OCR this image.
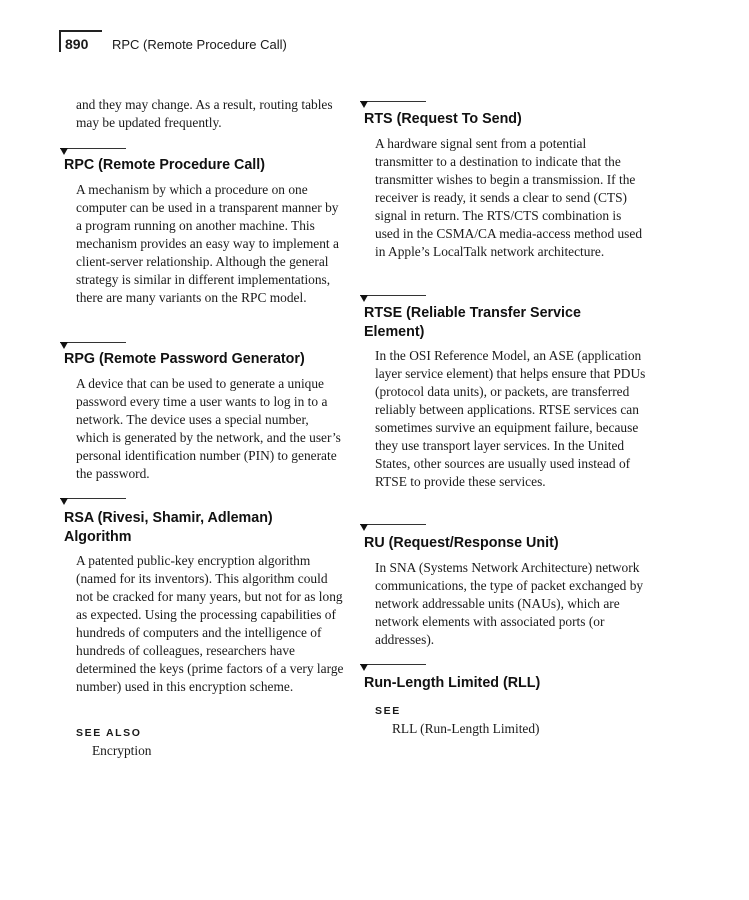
890 RPC (Remote Procedure Call)

and they may change. As a result, routing tables may be updated frequently.

RPC (Remote Procedure Call)

A mechanism by which a procedure on one computer can be used in a transparent manner by a program running on another machine. This mechanism provides an easy way to implement a client-server relationship. Although the general strategy is similar in different implementations, there are many variants on the RPC model.

RPG (Remote Password Generator)

A device that can be used to generate a unique password every time a user wants to log in to a network. The device uses a special number, which is generated by the network, and the user’s personal identification number (PIN) to generate the password.

RSA (Rivesi, Shamir, Adleman) Algorithm

A patented public-key encryption algorithm (named for its inventors). This algorithm could not be cracked for many years, but not for as long as expected. Using the processing capabilities of hundreds of computers and the intelligence of hundreds of colleagues, researchers have determined the keys (prime factors of a very large number) used in this encryption scheme.

SEE ALSO

Encryption

RTS (Request To Send)

A hardware signal sent from a potential transmitter to a destination to indicate that the transmitter wishes to begin a transmission. If the receiver is ready, it sends a clear to send (CTS) signal in return. The RTS/CTS combination is used in the CSMA/CA media-access method used in Apple’s LocalTalk network architecture.

RTSE (Reliable Transfer Service Element)

In the OSI Reference Model, an ASE (application layer service element) that helps ensure that PDUs (protocol data units), or packets, are transferred reliably between applications. RTSE services can sometimes survive an equipment failure, because they use transport layer services. In the United States, other sources are usually used instead of RTSE to provide these services.

RU (Request/Response Unit)

In SNA (Systems Network Architecture) network communications, the type of packet exchanged by network addressable units (NAUs), which are network elements with associated ports (or addresses).

Run-Length Limited (RLL)

SEE

RLL (Run-Length Limited)
